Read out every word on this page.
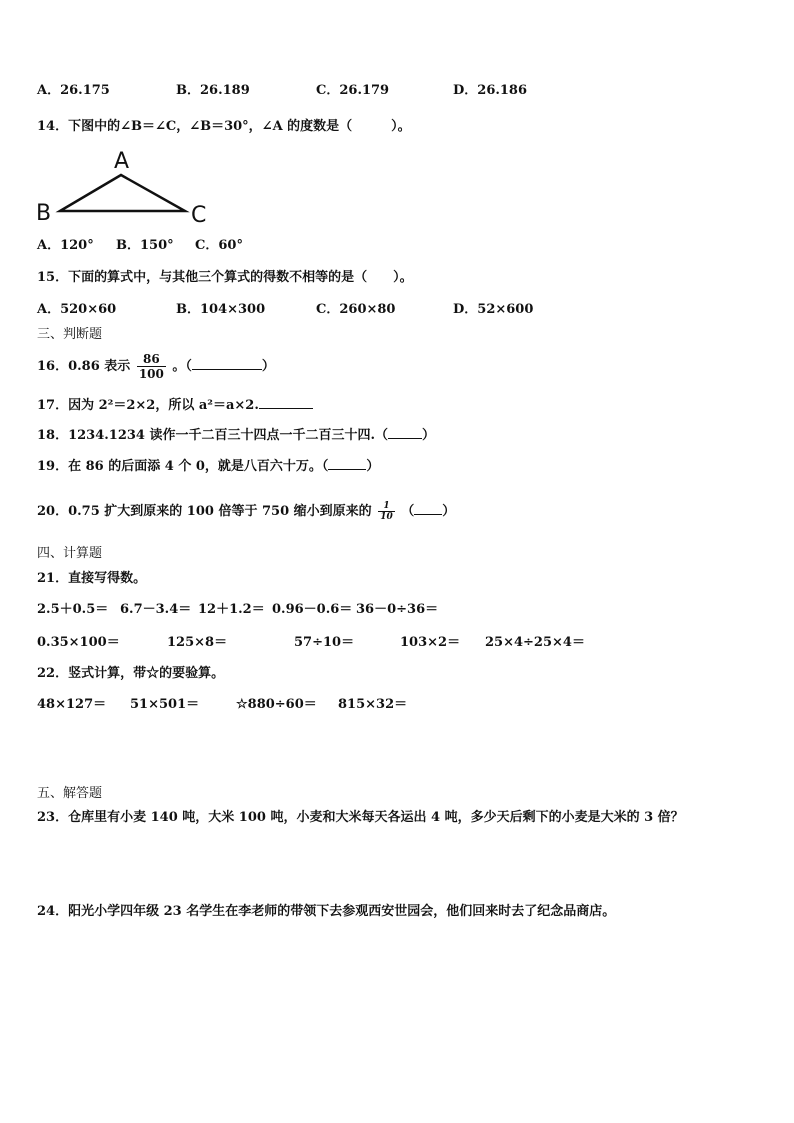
A．26.175	B．26.189	C．26.179	D．26.186
14．下图中的∠B＝∠C，∠B＝30°，∠A 的度数是（　　　）。
A
B	C
A．120° B．150° C．60°
15．下面的算式中，与其他三个算式的得数不相等的是（　　）。
A．520×60	B．104×300	C．260×80	D．52×600
三、判断题
16．0.86 表示 $\frac{86}{100}$ 。（	）
17．因为 2²＝2×2，所以 a²＝a×2.
18．1234.1234 读作一千二百三十四点一千二百三十四.（	）
19．在 86 的后面添 4 个 0，就是八百六十万。（	）
20．0.75 扩大到原来的 100 倍等于 750 缩小到原来的 $\frac{1}{10}$ （ ）
四、计算题
21．直接写得数。
2.5＋0.5＝ 6.7－3.4＝ 12＋1.2＝ 0.96－0.6＝ 36－0÷36＝
0.35×100＝	125×8＝	57÷10＝	103×2＝ 25×4÷25×4＝
22．竖式计算，带☆的要验算。
48×127＝ 51×501＝	☆880÷60＝ 815×32＝
五、解答题
23．仓库里有小麦 140 吨，大米 100 吨，小麦和大米每天各运出 4 吨，多少天后剩下的小麦是大米的 3 倍？
24．阳光小学四年级 23 名学生在李老师的带领下去参观西安世园会，他们回来时去了纪念品商店。
